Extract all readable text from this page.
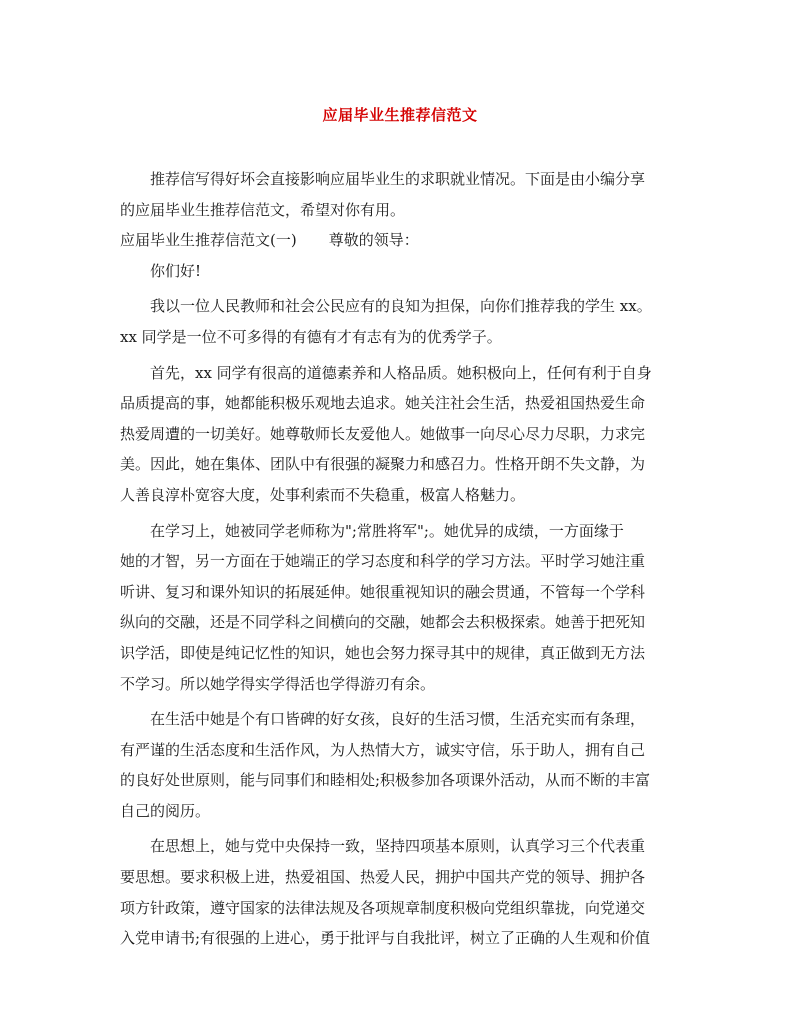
应届毕业生推荐信范文
推荐信写得好坏会直接影响应届毕业生的求职就业情况。下面是由小编分享
的应届毕业生推荐信范文，希望对你有用。
应届毕业生推荐信范文(一) 尊敬的领导：
你们好!
我以一位人民教师和社会公民应有的良知为担保，向你们推荐我的学生 xx。
xx 同学是一位不可多得的有德有才有志有为的优秀学子。
首先，xx 同学有很高的道德素养和人格品质。她积极向上，任何有利于自身
品质提高的事，她都能积极乐观地去追求。她关注社会生活，热爱祖国热爱生命
热爱周遭的一切美好。她尊敬师长友爱他人。她做事一向尽心尽力尽职，力求完
美。因此，她在集体、团队中有很强的凝聚力和感召力。性格开朗不失文静，为
人善良淳朴宽容大度，处事利索而不失稳重，极富人格魅力。
在学习上，她被同学老师称为";常胜将军";。她优异的成绩，一方面缘于
她的才智，另一方面在于她端正的学习态度和科学的学习方法。平时学习她注重
听讲、复习和课外知识的拓展延伸。她很重视知识的融会贯通，不管每一个学科
纵向的交融，还是不同学科之间横向的交融，她都会去积极探索。她善于把死知
识学活，即使是纯记忆性的知识，她也会努力探寻其中的规律，真正做到无方法
不学习。所以她学得实学得活也学得游刃有余。
在生活中她是个有口皆碑的好女孩，良好的生活习惯，生活充实而有条理，
有严谨的生活态度和生活作风，为人热情大方，诚实守信，乐于助人，拥有自己
的良好处世原则，能与同事们和睦相处;积极参加各项课外活动，从而不断的丰富
自己的阅历。
在思想上，她与党中央保持一致，坚持四项基本原则，认真学习三个代表重
要思想。要求积极上进，热爱祖国、热爱人民，拥护中国共产党的领导、拥护各
项方针政策，遵守国家的法律法规及各项规章制度积极向党组织靠拢，向党递交
入党申请书;有很强的上进心，勇于批评与自我批评，树立了正确的人生观和价值
